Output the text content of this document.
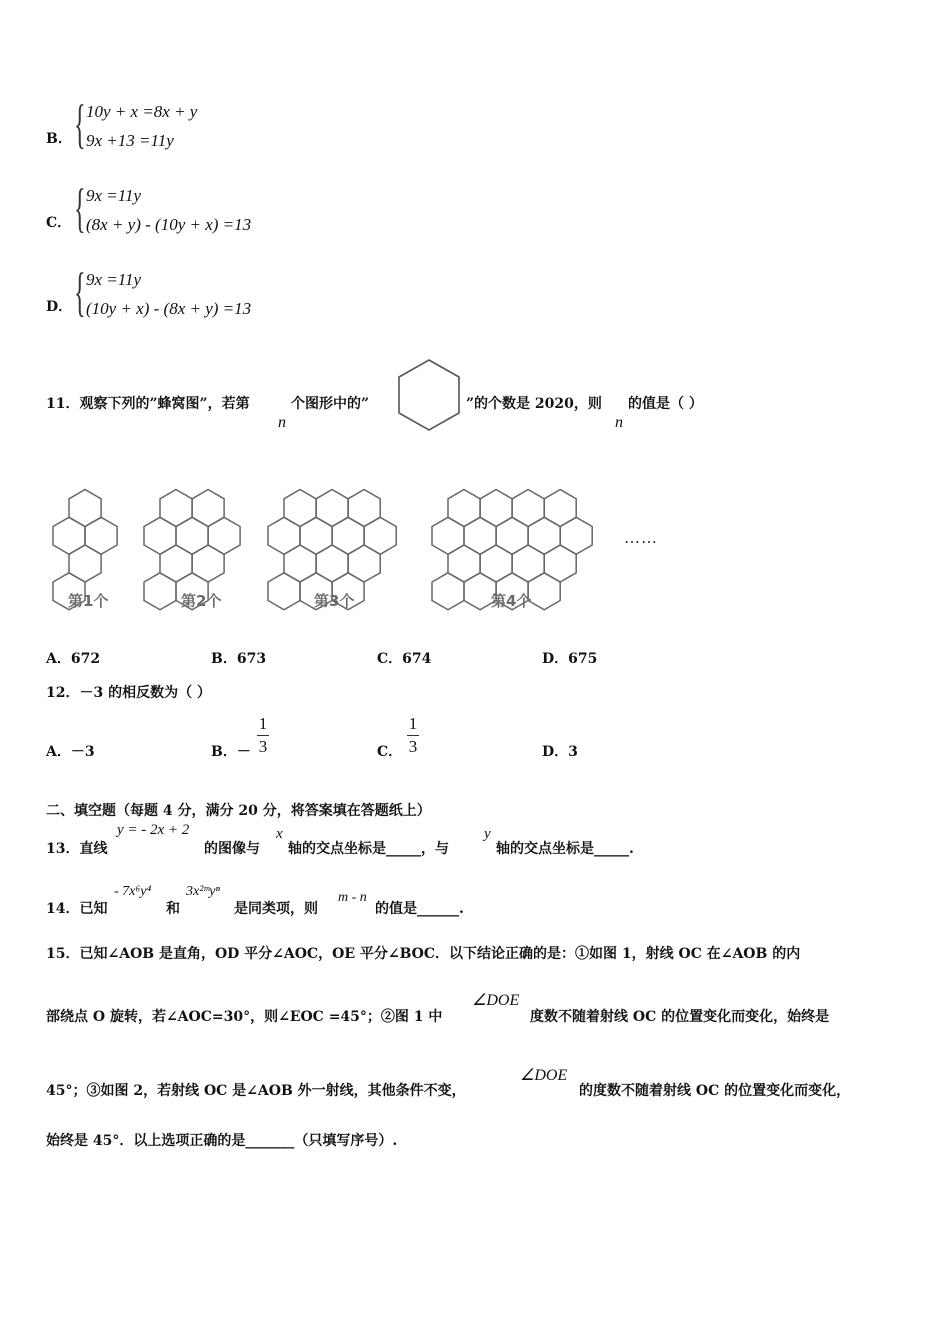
B． { 10y + x =8x + y
9x +13 =11y
C． { 9x =11y
(8x + y) - (10y + x) =13
D． { 9x =11y
(10y + x) - (8x + y) =13
11．观察下列的”蜂窝图”，若第
n
个图形中的”	”的个数是 2020，则
n
的值是（ ）
第1个	第2个	第3个	第4个
……
A．672	B．673	C．674	D．675
12．－3 的相反数为（ ）
A．－3	B．－
1
3	C．
1
3	D．3
二、填空题（每题 4 分，满分 20 分，将答案填在答题纸上）
13．直线
y = - 2x + 2
的图像与
x
轴的交点坐标是_____，与
y
轴的交点坐标是_____.
14．已知
- 7x⁶y⁴
和
3x²ᵐyⁿ
是同类项，则
m - n
的值是______.
15．已知∠AOB 是直角，OD 平分∠AOC，OE 平分∠BOC．以下结论正确的是：①如图 1，射线 OC 在∠AOB 的内
部绕点 O 旋转，若∠AOC=30°，则∠EOC =45°；②图 1 中
∠DOE
度数不随着射线 OC 的位置变化而变化，始终是
45°；③如图 2，若射线 OC 是∠AOB 外一射线，其他条件不变，
∠DOE
的度数不随着射线 OC 的位置变化而变化，
始终是 45°．以上选项正确的是_______（只填写序号）.
